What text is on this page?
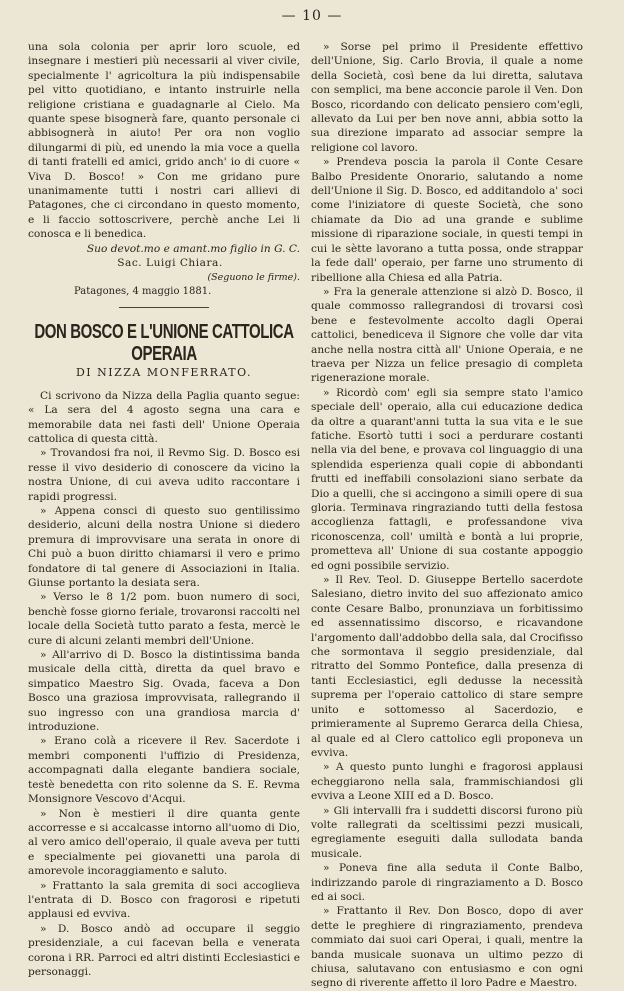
— 10 —

una sola colonia per aprir loro scuole, ed insegnare i mestieri più necessarii al viver civile, specialmente l' agricoltura la più indispensabile pel vitto quotidiano, e intanto instruirle nella religione cristiana e guadagnarle al Cielo. Ma quante spese bisognerà fare, quanto personale ci abbisognerà in aiuto! Per ora non voglio dilungarmi di più, ed unendo la mia voce a quella di tanti fratelli ed amici, grido anch' io di cuore « Viva D. Bosco! » Con me gridano pure unanimamente tutti i nostri cari allievi di Patagones, che ci circondano in questo momento, e li faccio sottoscrivere, perchè anche Lei li conosca e li benedica.

Suo devot.mo e amant.mo figlio in G. C.

Sac. Luigi Chiara.

(Seguono le firme).

Patagones, 4 maggio 1881.

DON BOSCO E L'UNIONE CATTOLICA OPERAIA
DI NIZZA MONFERRATO.

Ci scrivono da Nizza della Paglia quanto segue: « La sera del 4 agosto segna una cara e memorabile data nei fasti dell' Unione Operaia cattolica di questa città.

» Trovandosi fra noi, il Revmo Sig. D. Bosco esi resse il vivo desiderio di conoscere da vicino la nostra Unione, di cui aveva udito raccontare i rapidi progressi.

» Appena consci di questo suo gentilissimo desiderio, alcuni della nostra Unione si diedero premura di improvvisare una serata in onore di Chi può a buon diritto chiamarsi il vero e primo fondatore di tal genere di Associazioni in Italia. Giunse portanto la desiata sera.

» Verso le 8 1/2 pom. buon numero di soci, benchè fosse giorno feriale, trovaronsi raccolti nel locale della Società tutto parato a festa, mercè le cure di alcuni zelanti membri dell'Unione.

» All'arrivo di D. Bosco la distintissima banda musicale della città, diretta da quel bravo e simpatico Maestro Sig. Ovada, faceva a Don Bosco una graziosa improvvisata, rallegrando il suo ingresso con una grandiosa marcia d' introduzione.

» Erano colà a ricevere il Rev. Sacerdote i membri componenti l'uffizio di Presidenza, accompagnati dalla elegante bandiera sociale, testè benedetta con rito solenne da S. E. Revma Monsignore Vescovo d'Acqui.

» Non è mestieri il dire quanta gente accorresse e si accalcasse intorno all'uomo di Dio, al vero amico dell'operaio, il quale aveva per tutti e specialmente pei giovanetti una parola di amorevole incoraggiamento e saluto.

» Frattanto la sala gremita di soci accoglieva l'entrata di D. Bosco con fragorosi e ripetuti applausi ed evviva.

» D. Bosco andò ad occupare il seggio presidenziale, a cui facevan bella e venerata corona i RR. Parroci ed altri distinti Ecclesiastici e personaggi.

» Sorse pel primo il Presidente effettivo dell'Unione, Sig. Carlo Brovia, il quale a nome della Società, così bene da lui diretta, salutava con semplici, ma bene acconcie parole il Ven. Don Bosco, ricordando con delicato pensiero com'egli, allevato da Lui per ben nove anni, abbia sotto la sua direzione imparato ad associar sempre la religione col lavoro.

» Prendeva poscia la parola il Conte Cesare Balbo Presidente Onorario, salutando a nome dell'Unione il Sig. D. Bosco, ed additandolo a' soci come l'iniziatore di queste Società, che sono chiamate da Dio ad una grande e sublime missione di riparazione sociale, in questi tempi in cui le sètte lavorano a tutta possa, onde strappar la fede dall' operaio, per farne uno strumento di ribellione alla Chiesa ed alla Patria.

» Fra la generale attenzione si alzò D. Bosco, il quale commosso rallegrandosi di trovarsi così bene e festevolmente accolto dagli Operai cattolici, benediceva il Signore che volle dar vita anche nella nostra città all' Unione Operaia, e ne traeva per Nizza un felice presagio di completa rigenerazione morale.

» Ricordò com' egli sia sempre stato l'amico speciale dell' operaio, alla cui educazione dedica da oltre a quarant'anni tutta la sua vita e le sue fatiche. Esortò tutti i soci a perdurare costanti nella via del bene, e provava col linguaggio di una splendida esperienza quali copie di abbondanti frutti ed ineffabili consolazioni siano serbate da Dio a quelli, che si accingono a simili opere di sua gloria. Terminava ringraziando tutti della festosa accoglienza fattagli, e professandone viva riconoscenza, coll' umiltà e bontà a lui proprie, prometteva all' Unione di sua costante appoggio ed ogni possibile servizio.

» Il Rev. Teol. D. Giuseppe Bertello sacerdote Salesiano, dietro invito del suo affezionato amico conte Cesare Balbo, pronunziava un forbitissimo ed assennatissimo discorso, e ricavandone l'argomento dall'addobbo della sala, dal Crocifisso che sormontava il seggio presidenziale, dal ritratto del Sommo Pontefice, dalla presenza di tanti Ecclesiastici, egli dedusse la necessità suprema per l'operaio cattolico di stare sempre unito e sottomesso al Sacerdozio, e primieramente al Supremo Gerarca della Chiesa, al quale ed al Clero cattolico egli proponeva un evviva.

» A questo punto lunghi e fragorosi applausi echeggiarono nella sala, frammischiandosi gli evviva a Leone XIII ed a D. Bosco.

» Gli intervalli fra i suddetti discorsi furono più volte rallegrati da sceltissimi pezzi musicali, egregiamente eseguiti dalla sullodata banda musicale.

» Poneva fine alla seduta il Conte Balbo, indirizzando parole di ringraziamento a D. Bosco ed ai soci.

» Frattanto il Rev. Don Bosco, dopo di aver dette le preghiere di ringraziamento, prendeva commiato dai suoi cari Operai, i quali, mentre la banda musicale suonava un ultimo pezzo di chiusa, salutavano con entusiasmo e con ogni segno di riverente affetto il loro Padre e Maestro.
